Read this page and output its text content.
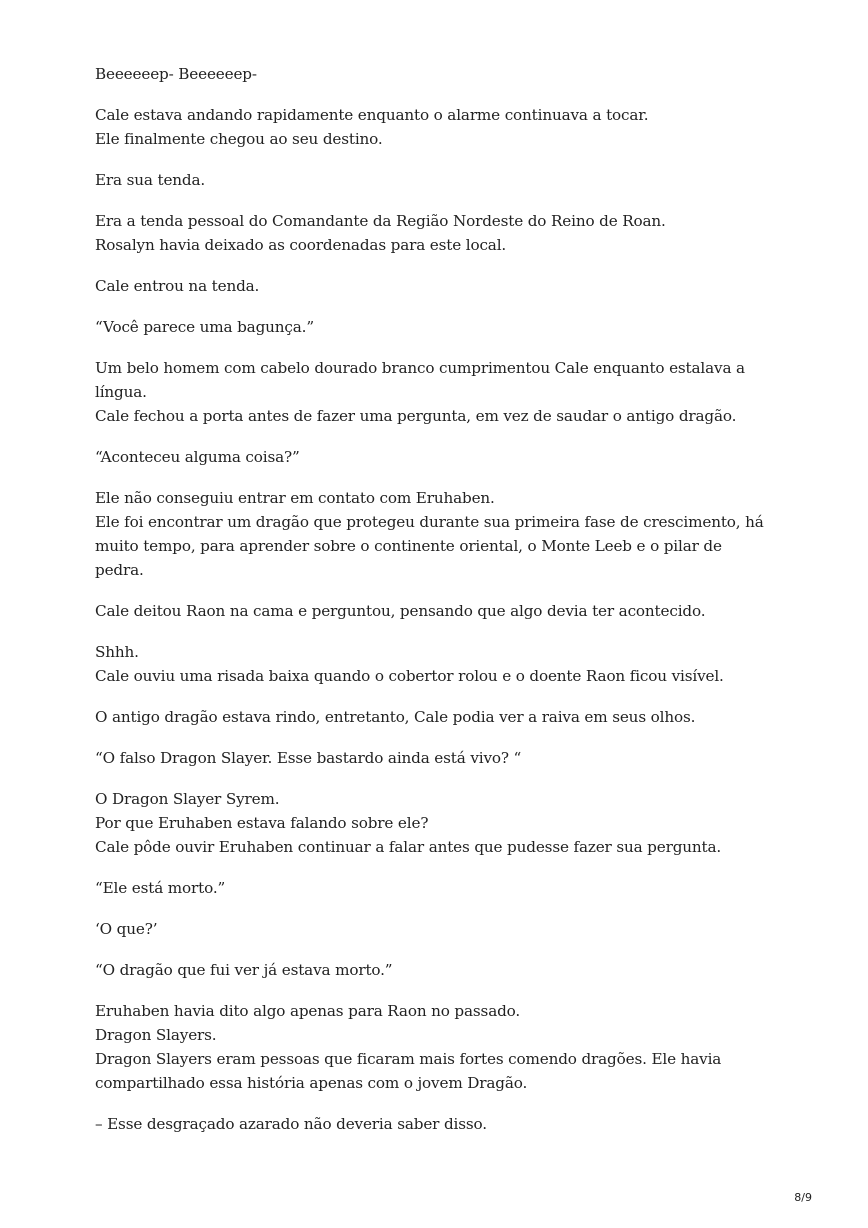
Beeeeeep- Beeeeeep-

Cale estava andando rapidamente enquanto o alarme continuava a tocar.
Ele finalmente chegou ao seu destino.

Era sua tenda.

Era a tenda pessoal do Comandante da Região Nordeste do Reino de Roan.
Rosalyn havia deixado as coordenadas para este local.

Cale entrou na tenda.

“Você parece uma bagunça.”

Um belo homem com cabelo dourado branco cumprimentou Cale enquanto estalava a
língua.
Cale fechou a porta antes de fazer uma pergunta, em vez de saudar o antigo dragão.

“Aconteceu alguma coisa?”

Ele não conseguiu entrar em contato com Eruhaben.
Ele foi encontrar um dragão que protegeu durante sua primeira fase de crescimento, há
muito tempo, para aprender sobre o continente oriental, o Monte Leeb e o pilar de
pedra.

Cale deitou Raon na cama e perguntou, pensando que algo devia ter acontecido.

Shhh.
Cale ouviu uma risada baixa quando o cobertor rolou e o doente Raon ficou visível.

O antigo dragão estava rindo, entretanto, Cale podia ver a raiva em seus olhos.

“O falso Dragon Slayer. Esse bastardo ainda está vivo? “

O Dragon Slayer Syrem.
Por que Eruhaben estava falando sobre ele?
Cale pôde ouvir Eruhaben continuar a falar antes que pudesse fazer sua pergunta.

“Ele está morto.”

‘O que?’

“O dragão que fui ver já estava morto.”

Eruhaben havia dito algo apenas para Raon no passado.
Dragon Slayers.
Dragon Slayers eram pessoas que ficaram mais fortes comendo dragões. Ele havia
compartilhado essa história apenas com o jovem Dragão.

– Esse desgraçado azarado não deveria saber disso.

8/9
